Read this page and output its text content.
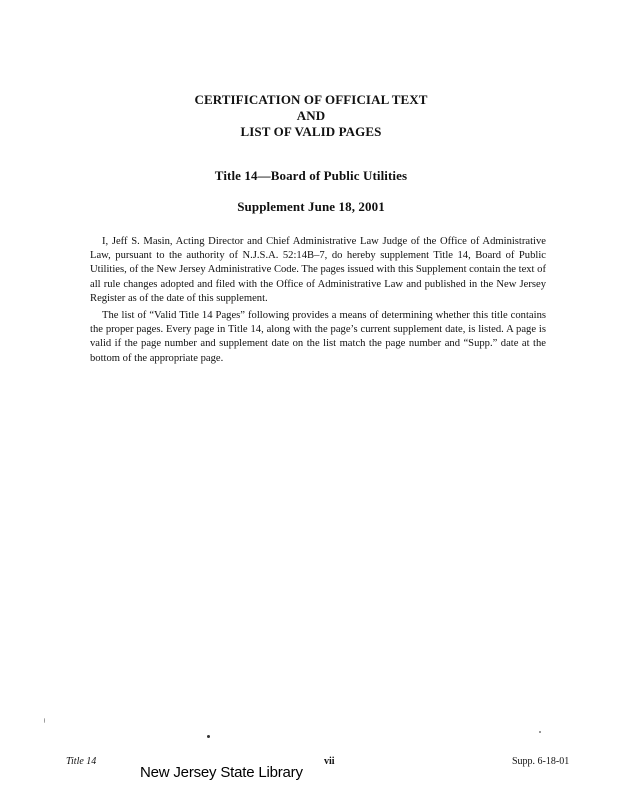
CERTIFICATION OF OFFICIAL TEXT
AND
LIST OF VALID PAGES
Title 14—Board of Public Utilities
Supplement June 18, 2001

I, Jeff S. Masin, Acting Director and Chief Administrative Law Judge of the Office of Administrative Law, pursuant to the authority of N.J.S.A. 52:14B–7, do hereby supplement Title 14, Board of Public Utilities, of the New Jersey Administrative Code. The pages issued with this Supplement contain the text of all rule changes adopted and filed with the Office of Administrative Law and published in the New Jersey Register as of the date of this supplement.

The list of “Valid Title 14 Pages” following provides a means of determining whether this title contains the proper pages. Every page in Title 14, along with the page’s current supplement date, is listed. A page is valid if the page number and supplement date on the list match the page number and “Supp.” date at the bottom of the appropriate page.

Title 14	vii	Supp. 6-18-01
New Jersey State Library
